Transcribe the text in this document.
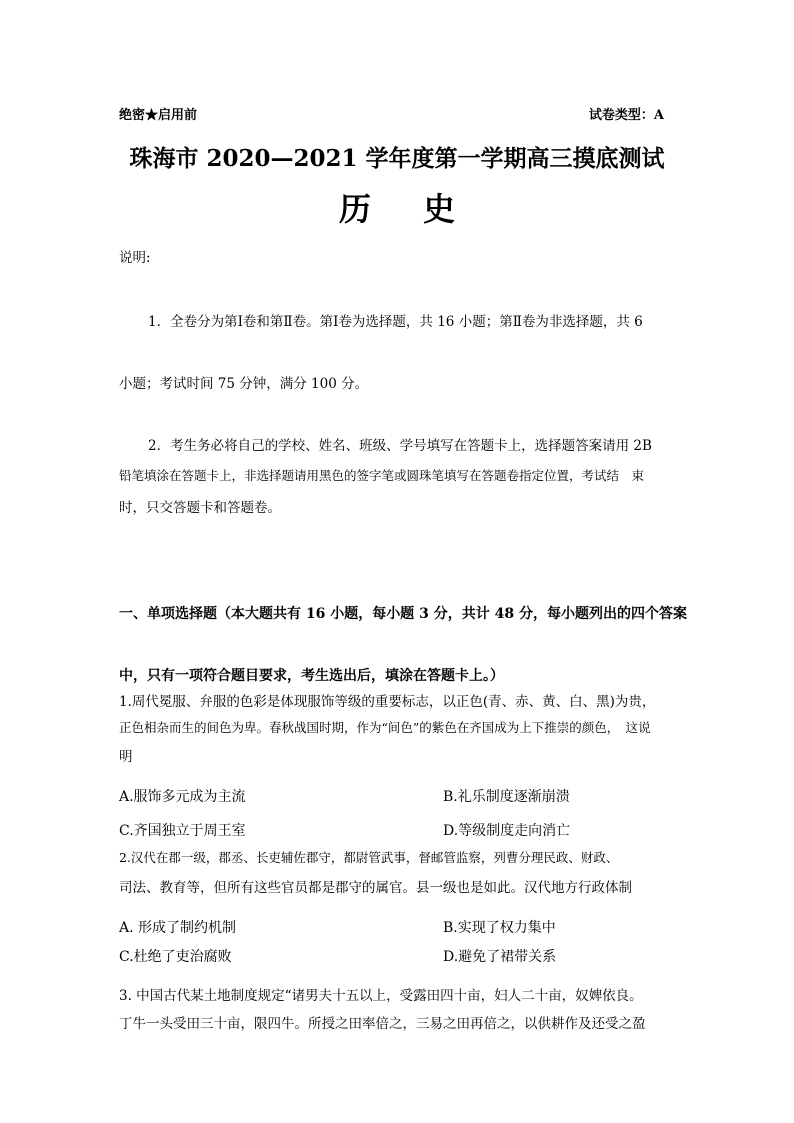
绝密★启用前	试卷类型：A
珠海市 2020—2021 学年度第一学期高三摸底测试
历 史
说明:
1．全卷分为第Ⅰ卷和第Ⅱ卷。第Ⅰ卷为选择题，共 16 小题；第Ⅱ卷为非选择题，共 6
小题；考试时间 75 分钟，满分 100 分。
2．考生务必将自己的学校、姓名、班级、学号填写在答题卡上，选择题答案请用 2B
铅笔填涂在答题卡上，非选择题请用黑色的签字笔或圆珠笔填写在答题卷指定位置，考试结　束
时，只交答题卡和答题卷。
一、单项选择题（本大题共有 16 小题，每小题 3 分，共计 48 分，每小题列出的四个答案
中，只有一项符合题目要求，考生选出后，填涂在答题卡上。）
1.周代冕服、弁服的色彩是体现服饰等级的重要标志，以正色(青、赤、黄、白、黑)为贵，
正色相杂而生的间色为卑。春秋战国时期，作为“间色”的紫色在齐国成为上下推崇的颜色，　这说
明
A.服饰多元成为主流	B.礼乐制度逐渐崩溃
C.齐国独立于周王室	D.等级制度走向消亡
2.汉代在郡一级，郡丞、长吏辅佐郡守，都尉管武事，督邮管监察，列曹分理民政、财政、
司法、教育等，但所有这些官员都是郡守的属官。县一级也是如此。汉代地方行政体制
A. 形成了制约机制	B.实现了权力集中
C.杜绝了吏治腐败	D.避免了裙带关系
3. 中国古代某土地制度规定“诸男夫十五以上，受露田四十亩，妇人二十亩，奴婢依良。
丁牛一头受田三十亩，限四牛。所授之田率倍之，三易之田再倍之，以供耕作及还受之盈
